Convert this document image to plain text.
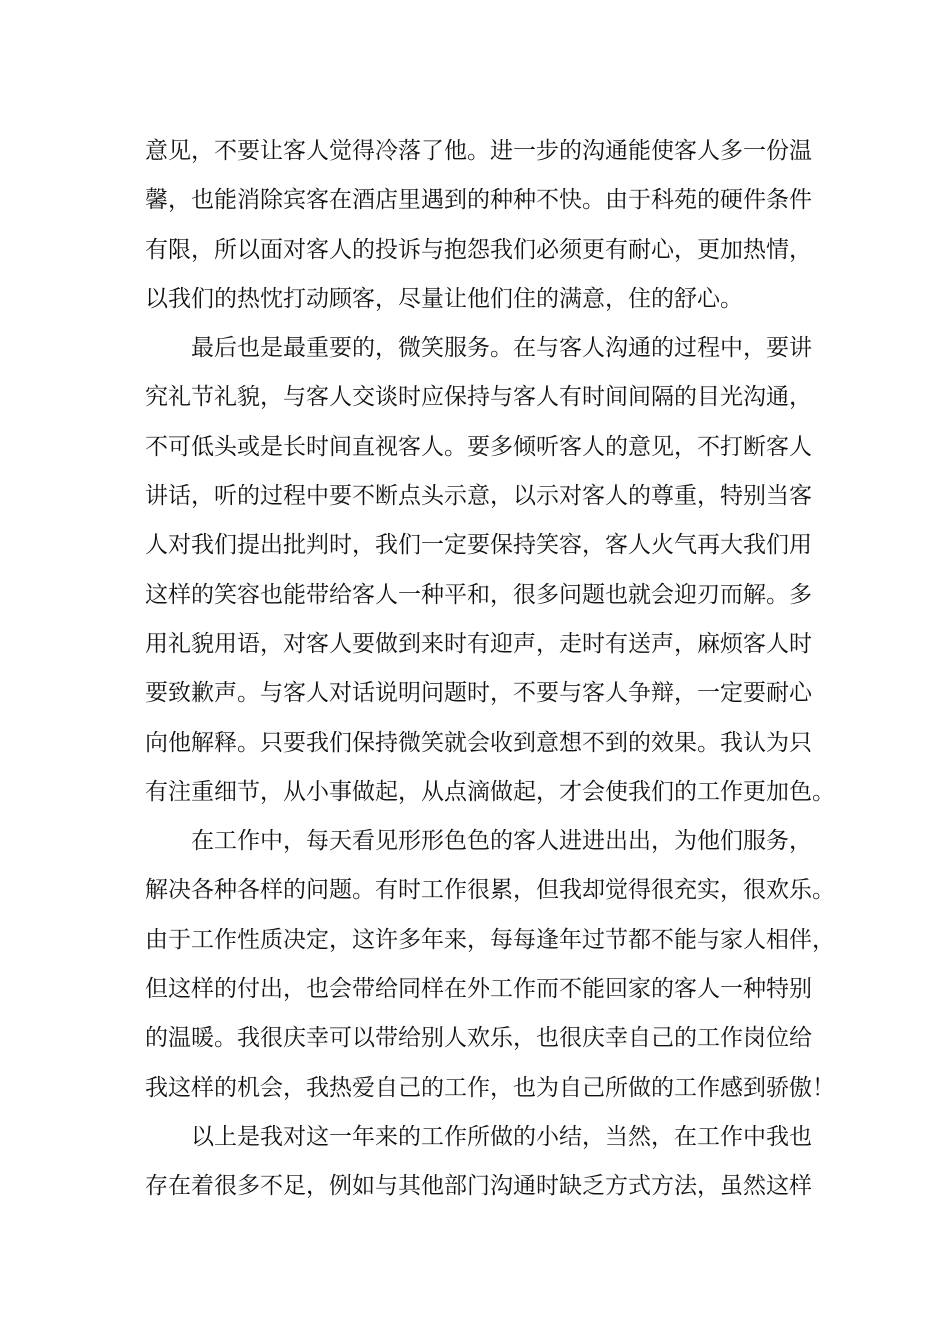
意见，不要让客人觉得冷落了他。进一步的沟通能使客人多一份温
馨，也能消除宾客在酒店里遇到的种种不快。由于科苑的硬件条件
有限，所以面对客人的投诉与抱怨我们必须更有耐心，更加热情，
以我们的热忱打动顾客，尽量让他们住的满意，住的舒心。
最后也是最重要的，微笑服务。在与客人沟通的过程中，要讲
究礼节礼貌，与客人交谈时应保持与客人有时间间隔的目光沟通，
不可低头或是长时间直视客人。要多倾听客人的意见，不打断客人
讲话，听的过程中要不断点头示意，以示对客人的尊重，特别当客
人对我们提出批判时，我们一定要保持笑容，客人火气再大我们用
这样的笑容也能带给客人一种平和，很多问题也就会迎刃而解。多
用礼貌用语，对客人要做到来时有迎声，走时有送声，麻烦客人时
要致歉声。与客人对话说明问题时，不要与客人争辩，一定要耐心
向他解释。只要我们保持微笑就会收到意想不到的效果。我认为只
有注重细节，从小事做起，从点滴做起，才会使我们的工作更加色。
在工作中，每天看见形形色色的客人进进出出，为他们服务，
解决各种各样的问题。有时工作很累，但我却觉得很充实，很欢乐。
由于工作性质决定，这许多年来，每每逢年过节都不能与家人相伴，
但这样的付出，也会带给同样在外工作而不能回家的客人一种特别
的温暖。我很庆幸可以带给别人欢乐，也很庆幸自己的工作岗位给
我这样的机会，我热爱自己的工作，也为自己所做的工作感到骄傲！
以上是我对这一年来的工作所做的小结，当然，在工作中我也
存在着很多不足，例如与其他部门沟通时缺乏方式方法，虽然这样
